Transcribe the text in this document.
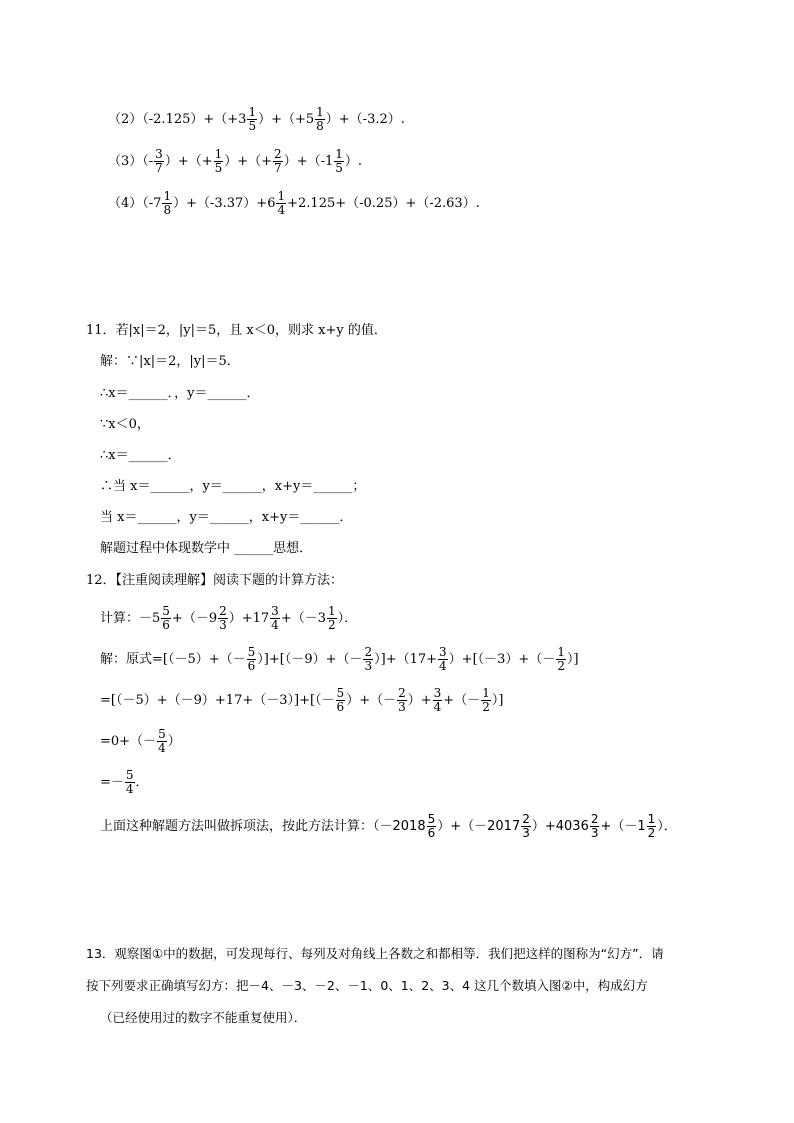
$(2)(-2.125)+(+3 \frac{1}{5} )+(+5 \frac{1}{8} )+(-3.2)$.
$(3)(- \frac{3}{7}$ ）+（+ $\frac{1}{5}$ ）+（+ $\frac{2}{7} )+(-1 \frac{1}{5}$ ）.
$(4)(-7 \frac{1}{8} )+(-3.37)+6 \frac{1}{4} +2.125+(-0.25)+(-2.63)$.
11．若|x|＝2，|y|＝5，且 x＜0，则求 x+y 的值．
解：∵|x|＝2，|y|＝5．
∴x＝______．，y＝______．
∵x＜0，
∴x＝______．
∴当 x＝______，y＝______，x+y＝______；
当 x＝______，y＝______，x+y＝______．
解题过程中体现数学中 ______思想．
12．【注重阅读理解】阅读下题的计算方法：
计算：$-5 \frac{5}{6} +(-9 \frac{2}{3} )+17 \frac{3}{4} +(-3 \frac{1}{2}$ ）．
解：原式$=[(-5)+(- \frac{5}{6} )]+[(-9)+(- \frac{2}{3} )]+(17+ \frac{3}{4} )+[(-3)+(- \frac{1}{2}$ ）]
$=[(-5)+(-9)+17+(-3)]+[(- \frac{5}{6}$ ）+（－ $\frac{2}{3}$ ）+ $\frac{3}{4}$ +（－ $\frac{1}{2}$ ）]
$=0+(- \frac{5}{4}$ ）
=－ $\frac{5}{4}$ ．
上面这种解题方法叫做拆项法，按此方法计算：$(-2018 \frac{5}{6} )+(-2017 \frac{2}{3} )+4036 \frac{2}{3} +(-1 \frac{1}{2}$ ）．
13．观察图①中的数据，可发现每行、每列及对角线上各数之和都相等．我们把这样的图称为“幻方”．请
按下列要求正确填写幻方：把－4、－3、－2、－1、0、1、2、3、4 这几个数填入图②中，构成幻方
（已经使用过的数字不能重复使用）．
